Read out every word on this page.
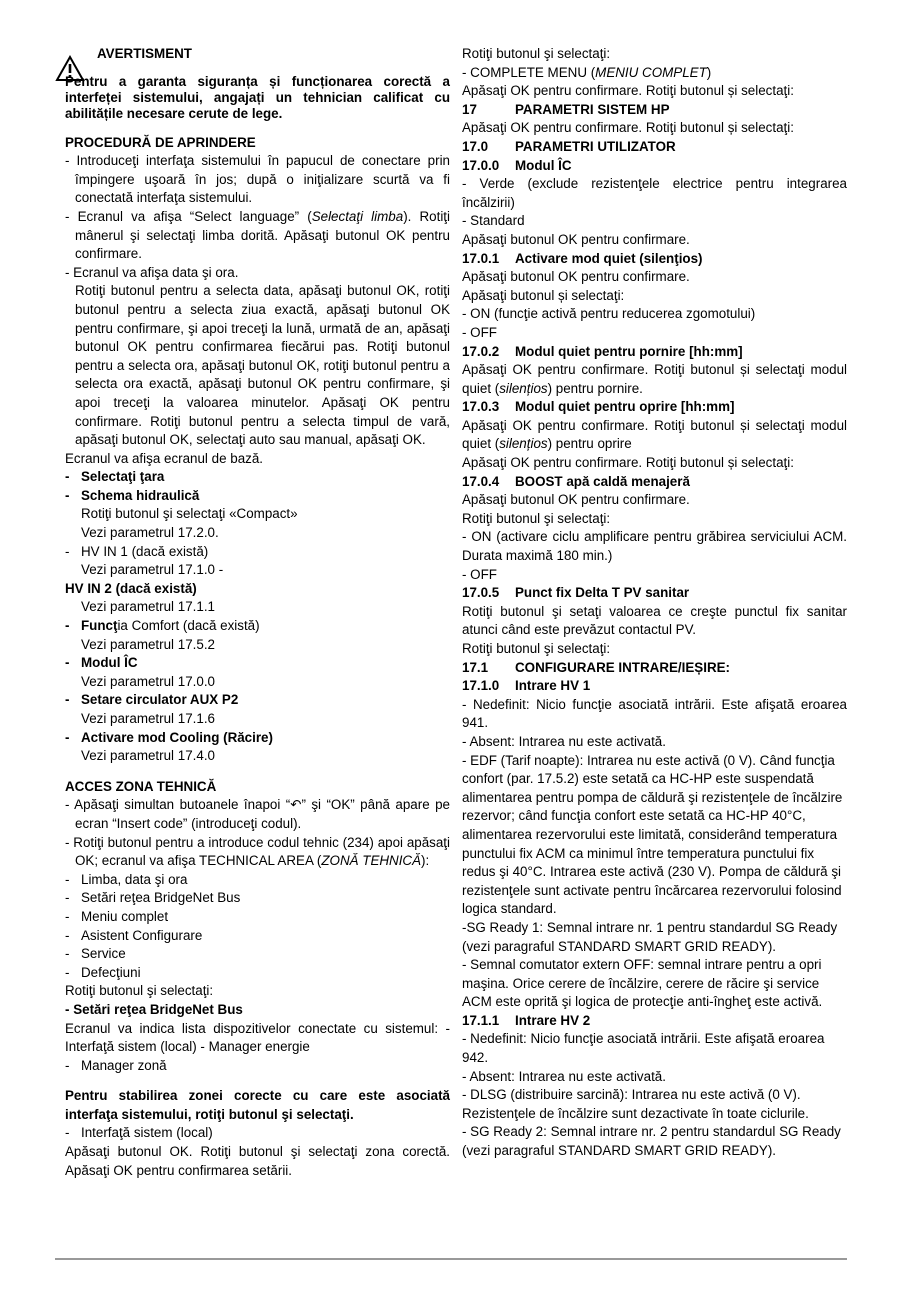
AVERTISMENT

Pentru a garanta siguranța și funcționarea corectă a interfeței sistemului, angajați un tehnician calificat cu abilitățile necesare cerute de lege.

PROCEDURĂ DE APRINDERE

- Introduceţi interfaţa sistemului în papucul de conectare prin împingere uşoară în jos; după o iniţializare scurtă va fi conectată interfaţa sistemului.

- Ecranul va afişa “Select language” (Selectaţi limba). Rotiţi mânerul şi selectaţi limba dorită. Apăsaţi butonul OK pentru confirmare.

- Ecranul va afişa data şi ora.

Rotiţi butonul pentru a selecta data, apăsaţi butonul OK, rotiţi butonul pentru a selecta ziua exactă, apăsaţi butonul OK pentru confirmare, şi apoi treceţi la lună, urmată de an, apăsaţi butonul OK pentru confirmarea fiecărui pas. Rotiţi butonul pentru a selecta ora, apăsaţi butonul OK, rotiţi butonul pentru a selecta ora exactă, apăsaţi butonul OK pentru confirmare, şi apoi treceţi la valoarea minutelor. Apăsaţi OK pentru confirmare. Rotiţi butonul pentru a selecta timpul de vară, apăsaţi butonul OK, selectaţi auto sau manual, apăsaţi OK.

Ecranul va afişa ecranul de bază.

- Selectaţi ţara
- Schema hidraulică

Rotiţi butonul şi selectaţi «Compact»

Vezi parametrul 17.2.0.

- HV IN 1 (dacă există)

Vezi parametrul 17.1.0 -

HV IN 2 (dacă există)

Vezi parametrul 17.1.1

- Funcţia Comfort (dacă există)

Vezi parametrul 17.5.2

- Modul ÎC

Vezi parametrul 17.0.0

- Setare circulator AUX P2

Vezi parametrul 17.1.6

- Activare mod Cooling (Răcire)

Vezi parametrul 17.4.0

ACCES ZONA TEHNICĂ

- Apăsaţi simultan butoanele înapoi “↶” şi “OK” până apare pe ecran “Insert code” (introduceţi codul).

- Rotiţi butonul pentru a introduce codul tehnic (234) apoi apăsaţi OK; ecranul va afişa TECHNICAL AREA (ZONĂ TEHNICĂ):

- Limba, data şi ora
- Setări reţea BridgeNet Bus
- Meniu complet
- Asistent Configurare
- Service
- Defecţiuni

Rotiţi butonul şi selectaţi:

- Setări reţea BridgeNet Bus

Ecranul va indica lista dispozitivelor conectate cu sistemul: - Interfaţă sistem (local) - Manager energie

- Manager zonă

Pentru stabilirea zonei corecte cu care este asociată interfaţa sistemului, rotiţi butonul şi selectaţi.

- Interfaţă sistem (local)

Apăsaţi butonul OK. Rotiţi butonul şi selectaţi zona corectă. Apăsaţi OK pentru confirmarea setării.

Rotiţi butonul şi selectaţi:

- COMPLETE MENU (MENIU COMPLET)

Apăsaţi OK pentru confirmare. Rotiţi butonul și selectaţi:

17	PARAMETRI SISTEM HP

Apăsaţi OK pentru confirmare. Rotiţi butonul și selectaţi:

17.0	PARAMETRI UTILIZATOR
17.0.0	Modul ÎC

- Verde (exclude rezistenţele electrice pentru integrarea încălzirii)

- Standard

Apăsaţi butonul OK pentru confirmare.

17.0.1	Activare mod quiet (silenţios)

Apăsaţi butonul OK pentru confirmare.

Apăsaţi butonul și selectaţi:

- ON (funcţie activă pentru reducerea zgomotului)

- OFF

17.0.2	Modul quiet pentru pornire [hh:mm]

Apăsaţi OK pentru confirmare. Rotiţi butonul și selectaţi modul quiet (silențios) pentru pornire.

17.0.3	Modul quiet pentru oprire [hh:mm]

Apăsaţi OK pentru confirmare. Rotiţi butonul și selectaţi modul quiet (silențios) pentru oprire

Apăsaţi OK pentru confirmare. Rotiţi butonul și selectaţi:

17.0.4	BOOST apă caldă menajeră

Apăsaţi butonul OK pentru confirmare.

Rotiţi butonul şi selectaţi:

- ON (activare ciclu amplificare pentru grăbirea serviciului ACM. Durata maximă 180 min.)

- OFF

17.0.5	Punct fix Delta T PV sanitar

Rotiţi butonul şi setaţi valoarea ce creşte punctul fix sanitar atunci când este prevăzut contactul PV.

Rotiţi butonul şi selectaţi:

17.1	CONFIGURARE INTRARE/IEȘIRE:
17.1.0	Intrare HV 1

- Nedefinit: Nicio funcţie asociată intrării. Este afişată eroarea 941.

- Absent: Intrarea nu este activată.

- EDF (Tarif noapte): Intrarea nu este activă (0 V). Când funcţia confort (par. 17.5.2) este setată ca HC-HP este suspendată alimentarea pentru pompa de căldură şi rezistenţele de încălzire rezervor; când funcţia confort este setată ca HC-HP 40°C, alimentarea rezervorului este limitată, considerând temperatura punctului fix ACM ca minimul între temperatura punctului fix redus şi 40°C. Intrarea este activă (230 V). Pompa de căldură şi rezistenţele sunt activate pentru încărcarea rezervorului folosind logica standard.

-SG Ready 1: Semnal intrare nr. 1 pentru standardul SG Ready (vezi paragraful STANDARD SMART GRID READY).

- Semnal comutator extern OFF: semnal intrare pentru a opri maşina. Orice cerere de încălzire, cerere de răcire şi service ACM este oprită şi logica de protecţie anti-îngheţ este activă.

17.1.1	Intrare HV 2

- Nedefinit: Nicio funcţie asociată intrării. Este afişată eroarea 942.

- Absent: Intrarea nu este activată.

- DLSG (distribuire sarcină): Intrarea nu este activă (0 V). Rezistenţele de încălzire sunt dezactivate în toate ciclurile.

- SG Ready 2: Semnal intrare nr. 2 pentru standardul SG Ready (vezi paragraful STANDARD SMART GRID READY).
